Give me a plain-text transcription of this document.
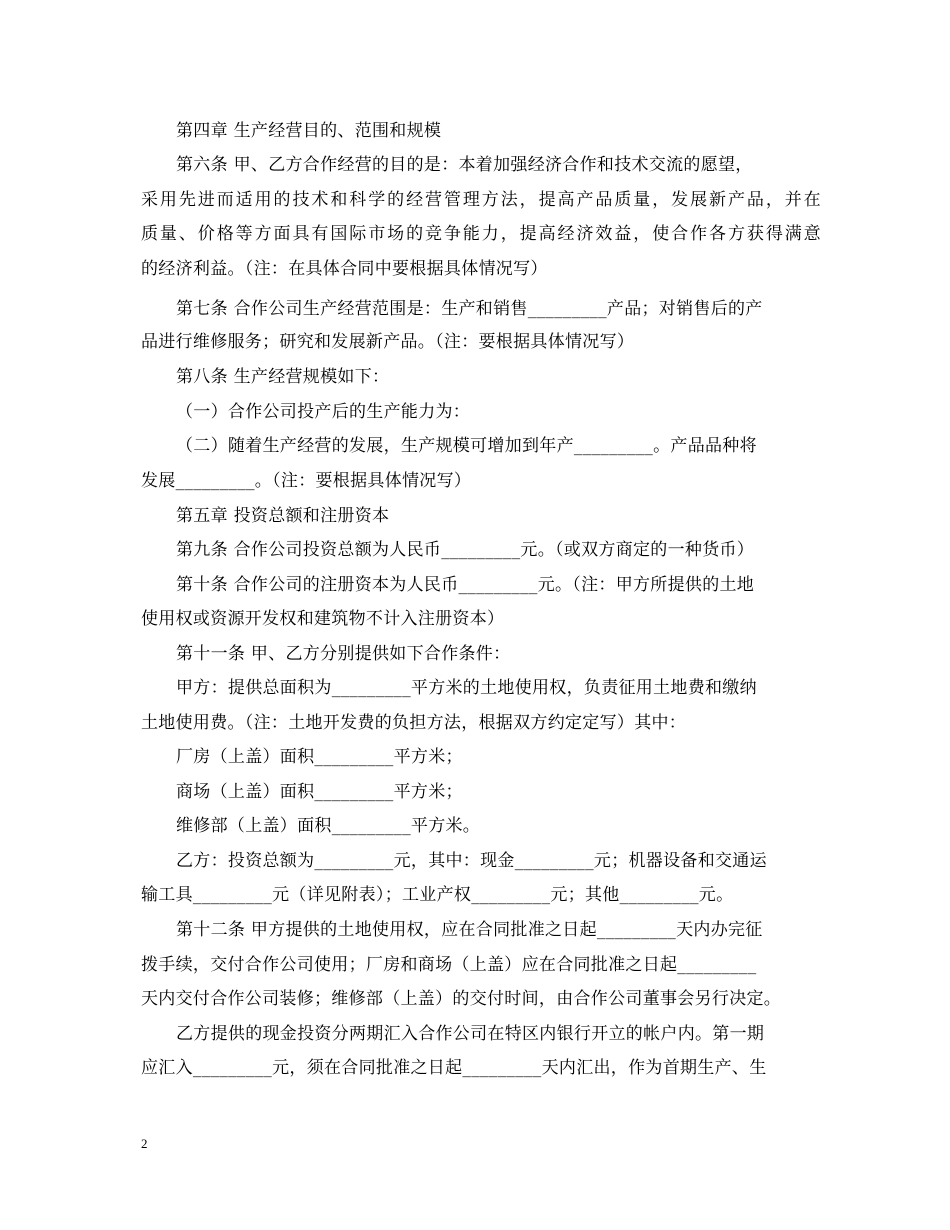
第四章 生产经营目的、范围和规模
第六条 甲、乙方合作经营的目的是：本着加强经济合作和技术交流的愿望，
采用先进而适用的技术和科学的经营管理方法，提高产品质量，发展新产品，并在
质量、价格等方面具有国际市场的竞争能力，提高经济效益，使合作各方获得满意
的经济利益。（注：在具体合同中要根据具体情况写）
第七条 合作公司生产经营范围是：生产和销售_________产品；对销售后的产
品进行维修服务；研究和发展新产品。（注：要根据具体情况写）
第八条 生产经营规模如下：
（一）合作公司投产后的生产能力为：
（二）随着生产经营的发展，生产规模可增加到年产_________。产品品种将
发展_________。（注：要根据具体情况写）
第五章 投资总额和注册资本
第九条 合作公司投资总额为人民币_________元。（或双方商定的一种货币）
第十条 合作公司的注册资本为人民币_________元。（注：甲方所提供的土地
使用权或资源开发权和建筑物不计入注册资本）
第十一条 甲、乙方分别提供如下合作条件：
甲方：提供总面积为_________平方米的土地使用权，负责征用土地费和缴纳
土地使用费。（注：土地开发费的负担方法，根据双方约定定写）其中：
厂房（上盖）面积_________平方米；
商场（上盖）面积_________平方米；
维修部（上盖）面积_________平方米。
乙方：投资总额为_________元，其中：现金_________元；机器设备和交通运
输工具_________元（详见附表）；工业产权_________元；其他_________元。
第十二条 甲方提供的土地使用权，应在合同批准之日起_________天内办完征
拨手续，交付合作公司使用；厂房和商场（上盖）应在合同批准之日起_________
天内交付合作公司装修；维修部（上盖）的交付时间，由合作公司董事会另行决定。
乙方提供的现金投资分两期汇入合作公司在特区内银行开立的帐户内。第一期
应汇入_________元，须在合同批准之日起_________天内汇出，作为首期生产、生
2
